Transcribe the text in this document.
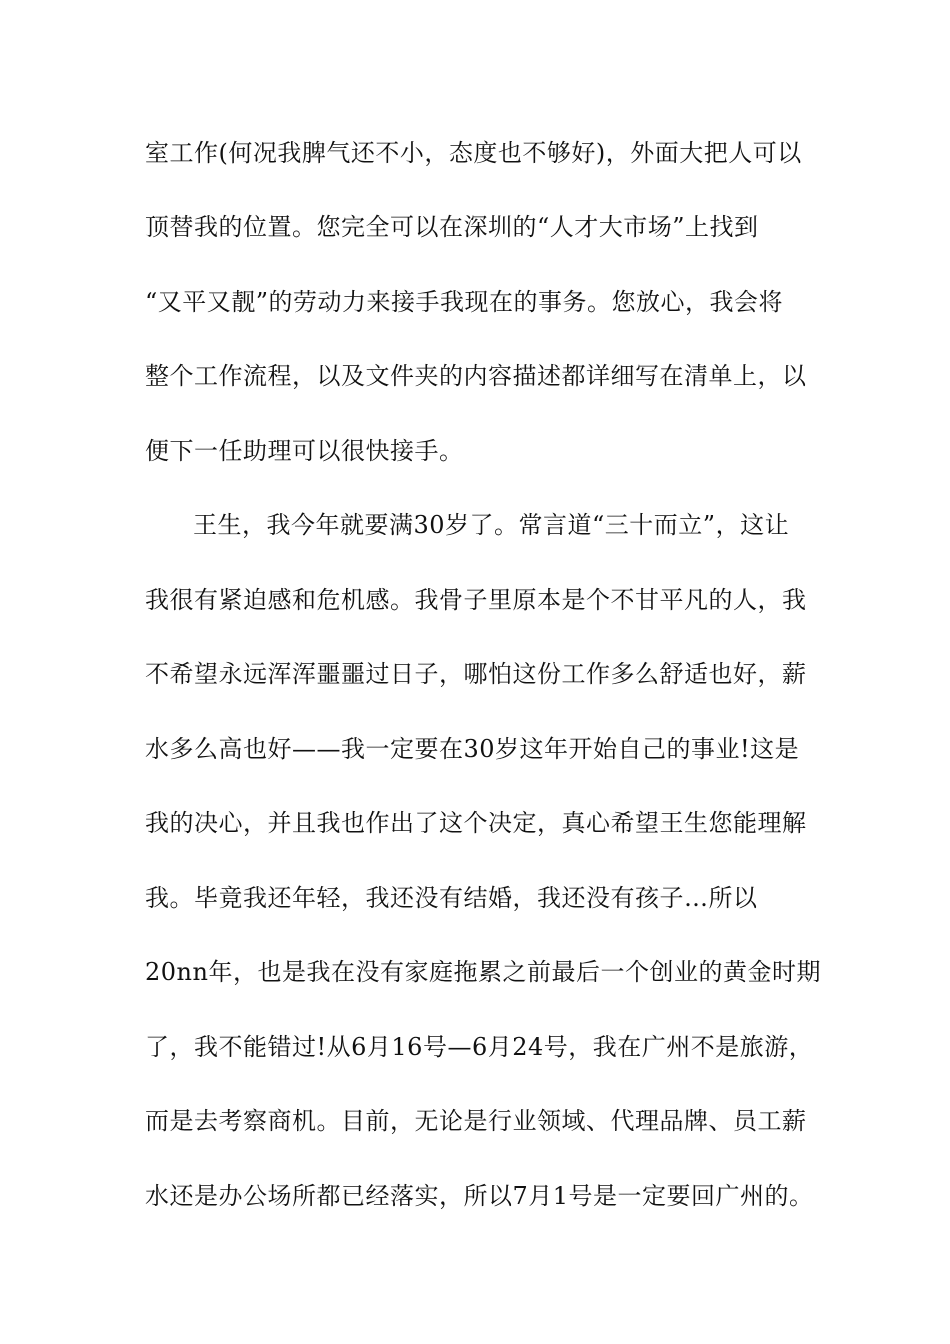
室工作(何况我脾气还不小，态度也不够好)，外面大把人可以
顶替我的位置。您完全可以在深圳的“人才大市场”上找到
“又平又靓”的劳动力来接手我现在的事务。您放心，我会将
整个工作流程，以及文件夹的内容描述都详细写在清单上，以
便下一任助理可以很快接手。
王生，我今年就要满30岁了。常言道“三十而立”，这让
我很有紧迫感和危机感。我骨子里原本是个不甘平凡的人，我
不希望永远浑浑噩噩过日子，哪怕这份工作多么舒适也好，薪
水多么高也好——我一定要在30岁这年开始自己的事业!这是
我的决心，并且我也作出了这个决定，真心希望王生您能理解
我。毕竟我还年轻，我还没有结婚，我还没有孩子…所以
20nn年，也是我在没有家庭拖累之前最后一个创业的黄金时期
了，我不能错过!从6月16号—6月24号，我在广州不是旅游，
而是去考察商机。目前，无论是行业领域、代理品牌、员工薪
水还是办公场所都已经落实，所以7月1号是一定要回广州的。
